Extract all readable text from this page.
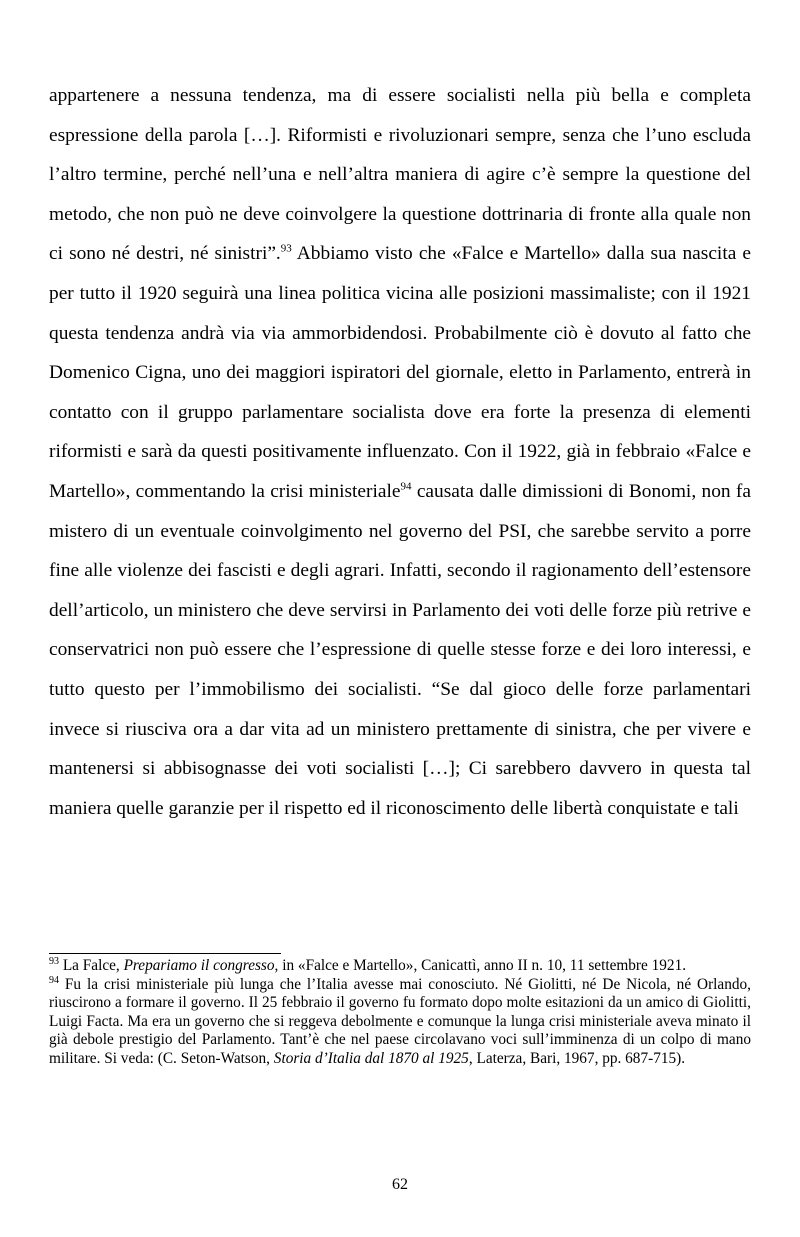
appartenere a nessuna tendenza, ma di essere socialisti nella più bella e completa espressione della parola […]. Riformisti e rivoluzionari sempre, senza che l’uno escluda l’altro termine, perché nell’una e nell’altra maniera di agire c’è sempre la questione del metodo, che non può ne deve coinvolgere la questione dottrinaria di fronte alla quale non ci sono né destri, né sinistri”.$^{93}$ Abbiamo visto che «Falce e Martello» dalla sua nascita e per tutto il 1920 seguirà una linea politica vicina alle posizioni massimaliste; con il 1921 questa tendenza andrà via via ammorbidendosi. Probabilmente ciò è dovuto al fatto che Domenico Cigna, uno dei maggiori ispiratori del giornale, eletto in Parlamento, entrerà in contatto con il gruppo parlamentare socialista dove era forte la presenza di elementi riformisti e sarà da questi positivamente influenzato. Con il 1922, già in febbraio «Falce e Martello», commentando la crisi ministeriale$^{94}$ causata dalle dimissioni di Bonomi, non fa mistero di un eventuale coinvolgimento nel governo del PSI, che sarebbe servito a porre fine alle violenze dei fascisti e degli agrari. Infatti, secondo il ragionamento dell’estensore dell’articolo, un ministero che deve servirsi in Parlamento dei voti delle forze più retrive e conservatrici non può essere che l’espressione di quelle stesse forze e dei loro interessi, e tutto questo per l’immobilismo dei socialisti. “Se dal gioco delle forze parlamentari invece si riusciva ora a dar vita ad un ministero prettamente di sinistra, che per vivere e mantenersi si abbisognasse dei voti socialisti […]; Ci sarebbero davvero in questa tal maniera quelle garanzie per il rispetto ed il riconoscimento delle libertà conquistate e tali

$^{93}$ La Falce, Prepariamo il congresso, in «Falce e Martello», Canicattì, anno II n. 10, 11 settembre 1921.

$^{94}$ Fu la crisi ministeriale più lunga che l’Italia avesse mai conosciuto. Né Giolitti, né De Nicola, né Orlando, riuscirono a formare il governo. Il 25 febbraio il governo fu formato dopo molte esitazioni da un amico di Giolitti, Luigi Facta. Ma era un governo che si reggeva debolmente e comunque la lunga crisi ministeriale aveva minato il già debole prestigio del Parlamento. Tant’è che nel paese circolavano voci sull’imminenza di un colpo di mano militare. Si veda: (C. Seton-Watson, Storia d’Italia dal 1870 al 1925, Laterza, Bari, 1967, pp. 687-715).

62
